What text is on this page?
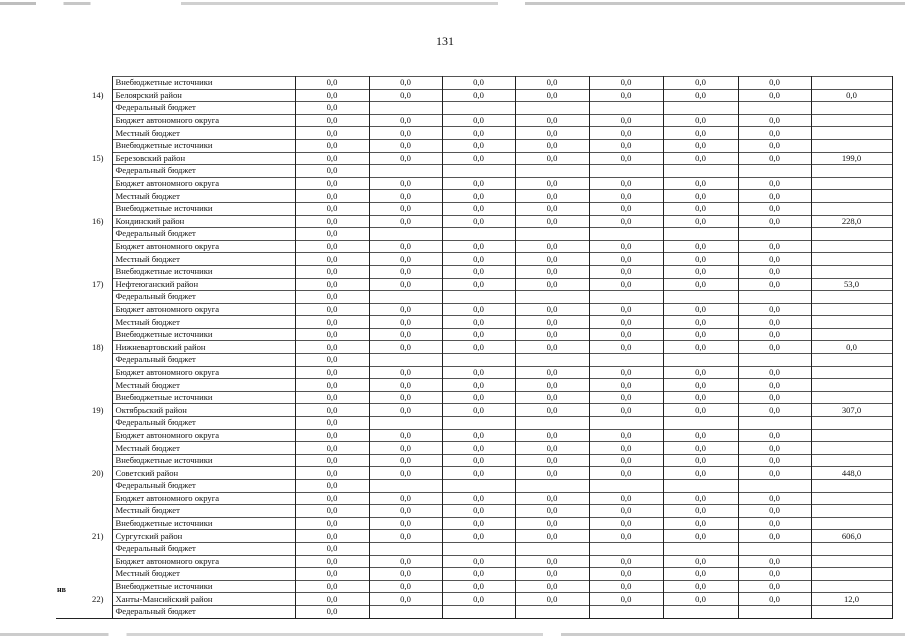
131
	Внебюджетные источники	0,0	0,0	0,0	0,0	0,0	0,0	0,0	
14)	Белоярский район	0,0	0,0	0,0	0,0	0,0	0,0	0,0	0,0
	Федеральный бюджет	0,0							
	Бюджет автономного округа	0,0	0,0	0,0	0,0	0,0	0,0	0,0	
	Местный бюджет	0,0	0,0	0,0	0,0	0,0	0,0	0,0	
	Внебюджетные источники	0,0	0,0	0,0	0,0	0,0	0,0	0,0	
15)	Березовский район	0,0	0,0	0,0	0,0	0,0	0,0	0,0	199,0
	Федеральный бюджет	0,0							
	Бюджет автономного округа	0,0	0,0	0,0	0,0	0,0	0,0	0,0	
	Местный бюджет	0,0	0,0	0,0	0,0	0,0	0,0	0,0	
	Внебюджетные источники	0,0	0,0	0,0	0,0	0,0	0,0	0,0	
16)	Кондинский район	0,0	0,0	0,0	0,0	0,0	0,0	0,0	228,0
	Федеральный бюджет	0,0							
	Бюджет автономного округа	0,0	0,0	0,0	0,0	0,0	0,0	0,0	
	Местный бюджет	0,0	0,0	0,0	0,0	0,0	0,0	0,0	
	Внебюджетные источники	0,0	0,0	0,0	0,0	0,0	0,0	0,0	
17)	Нефтеюганский район	0,0	0,0	0,0	0,0	0,0	0,0	0,0	53,0
	Федеральный бюджет	0,0							
	Бюджет автономного округа	0,0	0,0	0,0	0,0	0,0	0,0	0,0	
	Местный бюджет	0,0	0,0	0,0	0,0	0,0	0,0	0,0	
	Внебюджетные источники	0,0	0,0	0,0	0,0	0,0	0,0	0,0	
18)	Нижневартовский район	0,0	0,0	0,0	0,0	0,0	0,0	0,0	0,0
	Федеральный бюджет	0,0							
	Бюджет автономного округа	0,0	0,0	0,0	0,0	0,0	0,0	0,0	
	Местный бюджет	0,0	0,0	0,0	0,0	0,0	0,0	0,0	
	Внебюджетные источники	0,0	0,0	0,0	0,0	0,0	0,0	0,0	
19)	Октябрьский район	0,0	0,0	0,0	0,0	0,0	0,0	0,0	307,0
	Федеральный бюджет	0,0							
	Бюджет автономного округа	0,0	0,0	0,0	0,0	0,0	0,0	0,0	
	Местный бюджет	0,0	0,0	0,0	0,0	0,0	0,0	0,0	
	Внебюджетные источники	0,0	0,0	0,0	0,0	0,0	0,0	0,0	
20)	Советский район	0,0	0,0	0,0	0,0	0,0	0,0	0,0	448,0
	Федеральный бюджет	0,0							
	Бюджет автономного округа	0,0	0,0	0,0	0,0	0,0	0,0	0,0	
	Местный бюджет	0,0	0,0	0,0	0,0	0,0	0,0	0,0	
	Внебюджетные источники	0,0	0,0	0,0	0,0	0,0	0,0	0,0	
21)	Сургутский район	0,0	0,0	0,0	0,0	0,0	0,0	0,0	606,0
	Федеральный бюджет	0,0							
	Бюджет автономного округа	0,0	0,0	0,0	0,0	0,0	0,0	0,0	
	Местный бюджет	0,0	0,0	0,0	0,0	0,0	0,0	0,0	
	Внебюджетные источники	0,0	0,0	0,0	0,0	0,0	0,0	0,0	
22)	Ханты-Мансийский район	0,0	0,0	0,0	0,0	0,0	0,0	0,0	12,0
	Федеральный бюджет	0,0							
нв
